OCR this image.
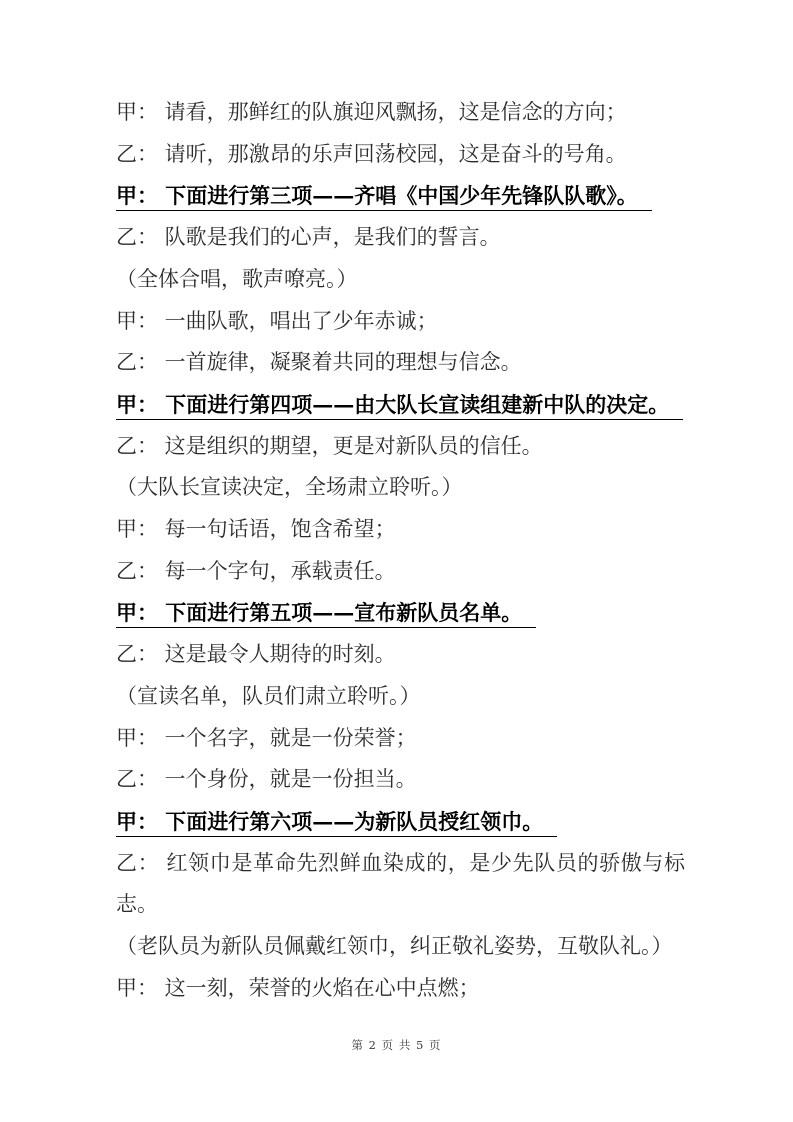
甲： 请看，那鲜红的队旗迎风飘扬，这是信念的方向；

乙： 请听，那激昂的乐声回荡校园，这是奋斗的号角。

甲： 下面进行第三项——齐唱《中国少年先锋队队歌》。

乙： 队歌是我们的心声，是我们的誓言。

（全体合唱，歌声嘹亮。）

甲： 一曲队歌，唱出了少年赤诚；

乙： 一首旋律，凝聚着共同的理想与信念。

甲： 下面进行第四项——由大队长宣读组建新中队的决定。

乙： 这是组织的期望，更是对新队员的信任。

（大队长宣读决定，全场肃立聆听。）

甲： 每一句话语，饱含希望；

乙： 每一个字句，承载责任。

甲： 下面进行第五项——宣布新队员名单。

乙： 这是最令人期待的时刻。

（宣读名单，队员们肃立聆听。）

甲： 一个名字，就是一份荣誉；

乙： 一个身份，就是一份担当。

甲： 下面进行第六项——为新队员授红领巾。

乙： 红领巾是革命先烈鲜血染成的，是少先队员的骄傲与标志。

（老队员为新队员佩戴红领巾，纠正敬礼姿势，互敬队礼。）

甲： 这一刻，荣誉的火焰在心中点燃；

第 2 页 共 5 页
